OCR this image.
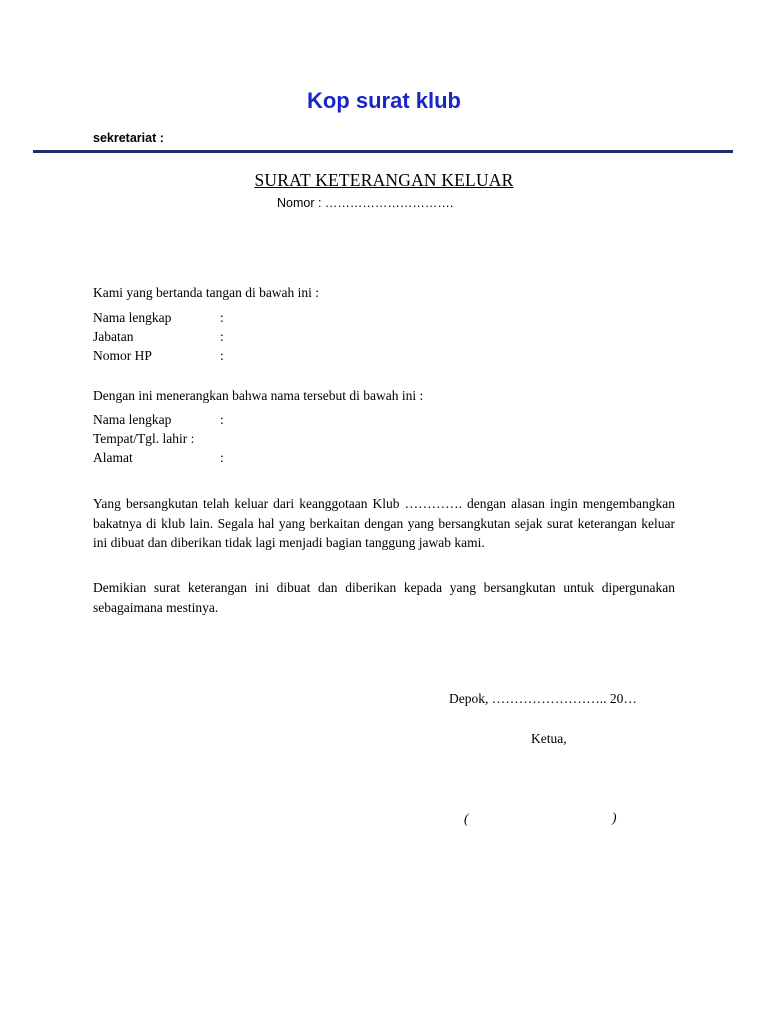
Kop surat klub
sekretariat :
SURAT KETERANGAN KELUAR
Nomor : ………………………….
Kami yang bertanda tangan di bawah ini :
Nama lengkap	:
Jabatan	:
Nomor HP	:
Dengan ini menerangkan bahwa nama tersebut di bawah ini :
Nama lengkap	:
Tempat/Tgl. lahir :
Alamat	:
Yang bersangkutan telah keluar dari keanggotaan Klub …………. dengan alasan ingin mengembangkan bakatnya di klub lain. Segala hal yang berkaitan dengan yang bersangkutan sejak surat keterangan keluar ini dibuat dan diberikan tidak lagi menjadi bagian tanggung jawab kami.
Demikian surat keterangan ini dibuat dan diberikan kepada yang bersangkutan untuk dipergunakan sebagaimana mestinya.
Depok, …………………….. 20…
Ketua,
(	)
